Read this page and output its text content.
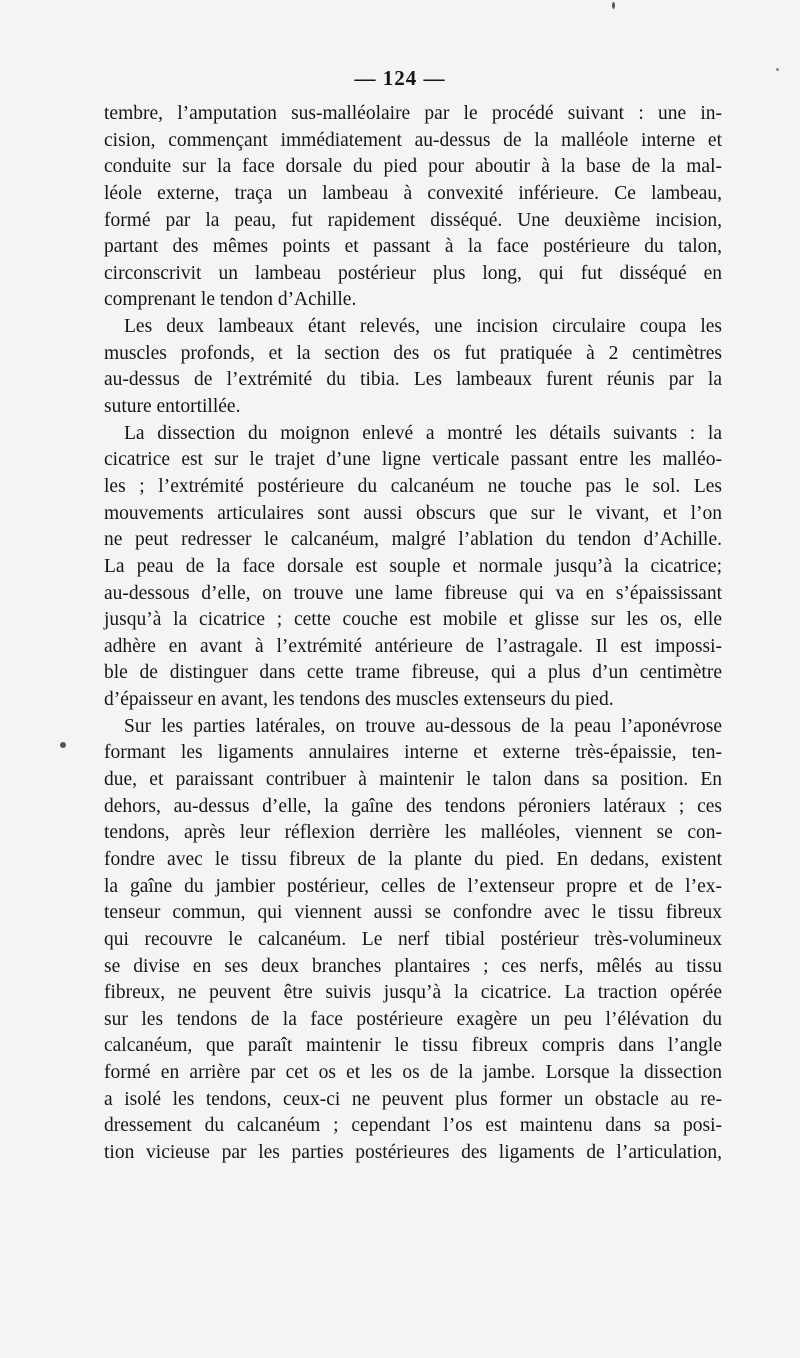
— 124 —
tembre, l’amputation sus-malléolaire par le procédé suivant : une in-
cision, commençant immédiatement au-dessus de la malléole interne et
conduite sur la face dorsale du pied pour aboutir à la base de la mal-
léole externe, traça un lambeau à convexité inférieure. Ce lambeau,
formé par la peau, fut rapidement disséqué. Une deuxième incision,
partant des mêmes points et passant à la face postérieure du talon,
circonscrivit un lambeau postérieur plus long, qui fut disséqué en
comprenant le tendon d’Achille.
Les deux lambeaux étant relevés, une incision circulaire coupa les
muscles profonds, et la section des os fut pratiquée à 2 centimètres
au-dessus de l’extrémité du tibia. Les lambeaux furent réunis par la
suture entortillée.
La dissection du moignon enlevé a montré les détails suivants : la
cicatrice est sur le trajet d’une ligne verticale passant entre les malléo-
les ; l’extrémité postérieure du calcanéum ne touche pas le sol. Les
mouvements articulaires sont aussi obscurs que sur le vivant, et l’on
ne peut redresser le calcanéum, malgré l’ablation du tendon d’Achille.
La peau de la face dorsale est souple et normale jusqu’à la cicatrice;
au-dessous d’elle, on trouve une lame fibreuse qui va en s’épaississant
jusqu’à la cicatrice ; cette couche est mobile et glisse sur les os, elle
adhère en avant à l’extrémité antérieure de l’astragale. Il est impossi-
ble de distinguer dans cette trame fibreuse, qui a plus d’un centimètre
d’épaisseur en avant, les tendons des muscles extenseurs du pied.
Sur les parties latérales, on trouve au-dessous de la peau l’aponévrose
formant les ligaments annulaires interne et externe très-épaissie, ten-
due, et paraissant contribuer à maintenir le talon dans sa position. En
dehors, au-dessus d’elle, la gaîne des tendons péroniers latéraux ; ces
tendons, après leur réflexion derrière les malléoles, viennent se con-
fondre avec le tissu fibreux de la plante du pied. En dedans, existent
la gaîne du jambier postérieur, celles de l’extenseur propre et de l’ex-
tenseur commun, qui viennent aussi se confondre avec le tissu fibreux
qui recouvre le calcanéum. Le nerf tibial postérieur très-volumineux
se divise en ses deux branches plantaires ; ces nerfs, mêlés au tissu
fibreux, ne peuvent être suivis jusqu’à la cicatrice. La traction opérée
sur les tendons de la face postérieure exagère un peu l’élévation du
calcanéum, que paraît maintenir le tissu fibreux compris dans l’angle
formé en arrière par cet os et les os de la jambe. Lorsque la dissection
a isolé les tendons, ceux-ci ne peuvent plus former un obstacle au re-
dressement du calcanéum ; cependant l’os est maintenu dans sa posi-
tion vicieuse par les parties postérieures des ligaments de l’articulation,
